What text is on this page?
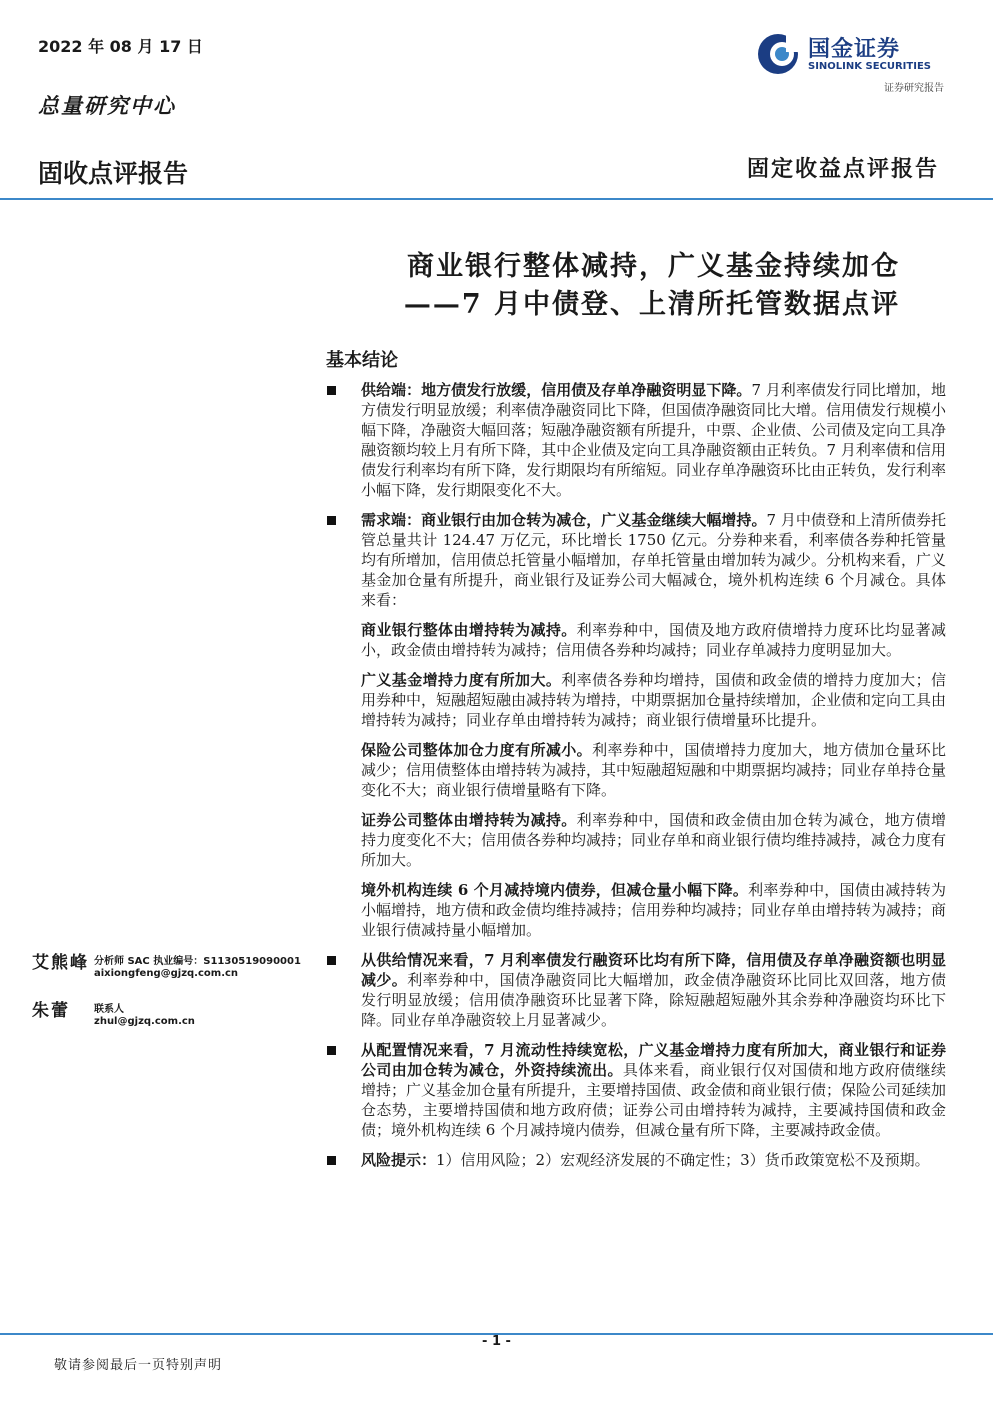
2022 年 08 月 17 日
总量研究中心
固收点评报告	固定收益点评报告
国金证券
SINOLINK SECURITIES
证券研究报告
商业银行整体减持，广义基金持续加仓
——7 月中债登、上清所托管数据点评
基本结论
供给端：地方债发行放缓，信用债及存单净融资明显下降。7 月利率债发行同比增加，地方债发行明显放缓；利率债净融资同比下降，但国债净融资同比大增。信用债发行规模小幅下降，净融资大幅回落；短融净融资额有所提升，中票、企业债、公司债及定向工具净融资额均较上月有所下降，其中企业债及定向工具净融资额由正转负。7 月利率债和信用债发行利率均有所下降，发行期限均有所缩短。同业存单净融资环比由正转负，发行利率小幅下降，发行期限变化不大。
需求端：商业银行由加仓转为减仓，广义基金继续大幅增持。7 月中债登和上清所债券托管总量共计 124.47 万亿元，环比增长 1750 亿元。分券种来看，利率债各券种托管量均有所增加，信用债总托管量小幅增加，存单托管量由增加转为减少。分机构来看，广义基金加仓量有所提升，商业银行及证券公司大幅减仓，境外机构连续 6 个月减仓。具体来看：
商业银行整体由增持转为减持。利率券种中，国债及地方政府债增持力度环比均显著减小，政金债由增持转为减持；信用债各券种均减持；同业存单减持力度明显加大。
广义基金增持力度有所加大。利率债各券种均增持，国债和政金债的增持力度加大；信用券种中，短融超短融由减持转为增持，中期票据加仓量持续增加，企业债和定向工具由增持转为减持；同业存单由增持转为减持；商业银行债增量环比提升。
保险公司整体加仓力度有所减小。利率券种中，国债增持力度加大，地方债加仓量环比减少；信用债整体由增持转为减持，其中短融超短融和中期票据均减持；同业存单持仓量变化不大；商业银行债增量略有下降。
证券公司整体由增持转为减持。利率券种中，国债和政金债由加仓转为减仓，地方债增持力度变化不大；信用债各券种均减持；同业存单和商业银行债均维持减持，减仓力度有所加大。
境外机构连续 6 个月减持境内债券，但减仓量小幅下降。利率券种中，国债由减持转为小幅增持，地方债和政金债均维持减持；信用券种均减持；同业存单由增持转为减持；商业银行债减持量小幅增加。
从供给情况来看，7 月利率债发行融资环比均有所下降，信用债及存单净融资额也明显减少。利率券种中，国债净融资同比大幅增加，政金债净融资环比同比双回落，地方债发行明显放缓；信用债净融资环比显著下降，除短融超短融外其余券种净融资均环比下降。同业存单净融资较上月显著减少。
从配置情况来看，7 月流动性持续宽松，广义基金增持力度有所加大，商业银行和证券公司由加仓转为减仓，外资持续流出。具体来看，商业银行仅对国债和地方政府债继续增持；广义基金加仓量有所提升，主要增持国债、政金债和商业银行债；保险公司延续加仓态势，主要增持国债和地方政府债；证券公司由增持转为减持，主要减持国债和政金债；境外机构连续 6 个月减持境内债券，但减仓量有所下降，主要减持政金债。
风险提示：1）信用风险；2）宏观经济发展的不确定性；3）货币政策宽松不及预期。
艾熊峰 分析师 SAC 执业编号：S1130519090001
aixiongfeng@gjzq.com.cn
朱蕾 联系人
zhul@gjzq.com.cn
- 1 -
敬请参阅最后一页特别声明
